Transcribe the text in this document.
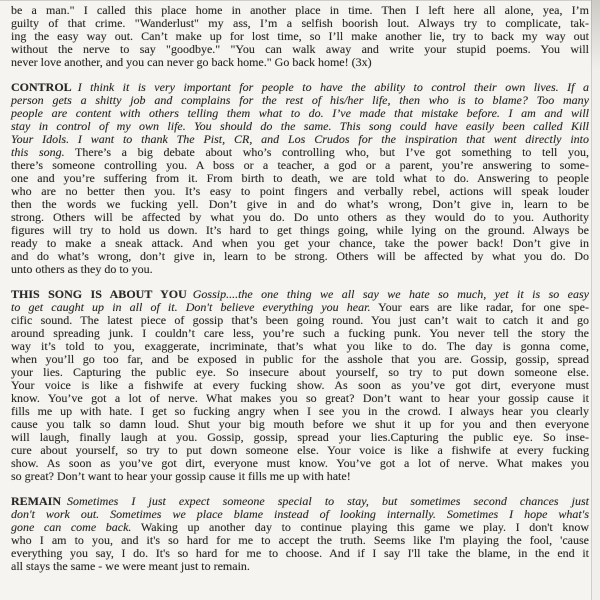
be a man." I called this place home in another place in time. Then I left here all alone, yea, I’m
guilty of that crime. "Wanderlust" my ass, I’m a selfish boorish lout. Always try to complicate, tak-
ing the easy way out. Can’t make up for lost time, so I’ll make another lie, try to back my way out
without the nerve to say "goodbye." "You can walk away and write your stupid poems. You will
never love another, and you can never go back home." Go back home! (3x)
CONTROL I think it is very important for people to have the ability to control their own lives. If a
person gets a shitty job and complains for the rest of his/her life, then who is to blame? Too many
people are content with others telling them what to do. I’ve made that mistake before. I am and will
stay in control of my own life. You should do the same. This song could have easily been called Kill
Your Idols. I want to thank The Pist, CR, and Los Crudos for the inspiration that went directly into
this song. There’s a big debate about who’s controlling who, but I’ve got something to tell you,
there’s someone controlling you. A boss or a teacher, a god or a parent, you’re answering to some-
one and you’re suffering from it. From birth to death, we are told what to do. Answering to people
who are no better then you. It’s easy to point fingers and verbally rebel, actions will speak louder
then the words we fucking yell. Don’t give in and do what’s wrong, Don’t give in, learn to be
strong. Others will be affected by what you do. Do unto others as they would do to you. Authority
figures will try to hold us down. It’s hard to get things going, while lying on the ground. Always be
ready to make a sneak attack. And when you get your chance, take the power back! Don’t give in
and do what’s wrong, don’t give in, learn to be strong. Others will be affected by what you do. Do
unto others as they do to you.
THIS SONG IS ABOUT YOU Gossip....the one thing we all say we hate so much, yet it is so easy
to get caught up in all of it. Don't believe everything you hear. Your ears are like radar, for one spe-
cific sound. The latest piece of gossip that’s been going round. You just can’t wait to catch it and go
around spreading junk. I couldn’t care less, you’re such a fucking punk. You never tell the story the
way it’s told to you, exaggerate, incriminate, that’s what you like to do. The day is gonna come,
when you’ll go too far, and be exposed in public for the asshole that you are. Gossip, gossip, spread
your lies. Capturing the public eye. So insecure about yourself, so try to put down someone else.
Your voice is like a fishwife at every fucking show. As soon as you’ve got dirt, everyone must
know. You’ve got a lot of nerve. What makes you so great? Don’t want to hear your gossip cause it
fills me up with hate. I get so fucking angry when I see you in the crowd. I always hear you clearly
cause you talk so damn loud. Shut your big mouth before we shut it up for you and then everyone
will laugh, finally laugh at you. Gossip, gossip, spread your lies.Capturing the public eye. So inse-
cure about yourself, so try to put down someone else. Your voice is like a fishwife at every fucking
show. As soon as you’ve got dirt, everyone must know. You’ve got a lot of nerve. What makes you
so great? Don’t want to hear your gossip cause it fills me up with hate!
REMAIN Sometimes I just expect someone special to stay, but sometimes second chances just
don't work out. Sometimes we place blame instead of looking internally. Sometimes I hope what's
gone can come back. Waking up another day to continue playing this game we play. I don't know
who I am to you, and it's so hard for me to accept the truth. Seems like I'm playing the fool, 'cause
everything you say, I do. It's so hard for me to choose. And if I say I'll take the blame, in the end it
all stays the same - we were meant just to remain.
